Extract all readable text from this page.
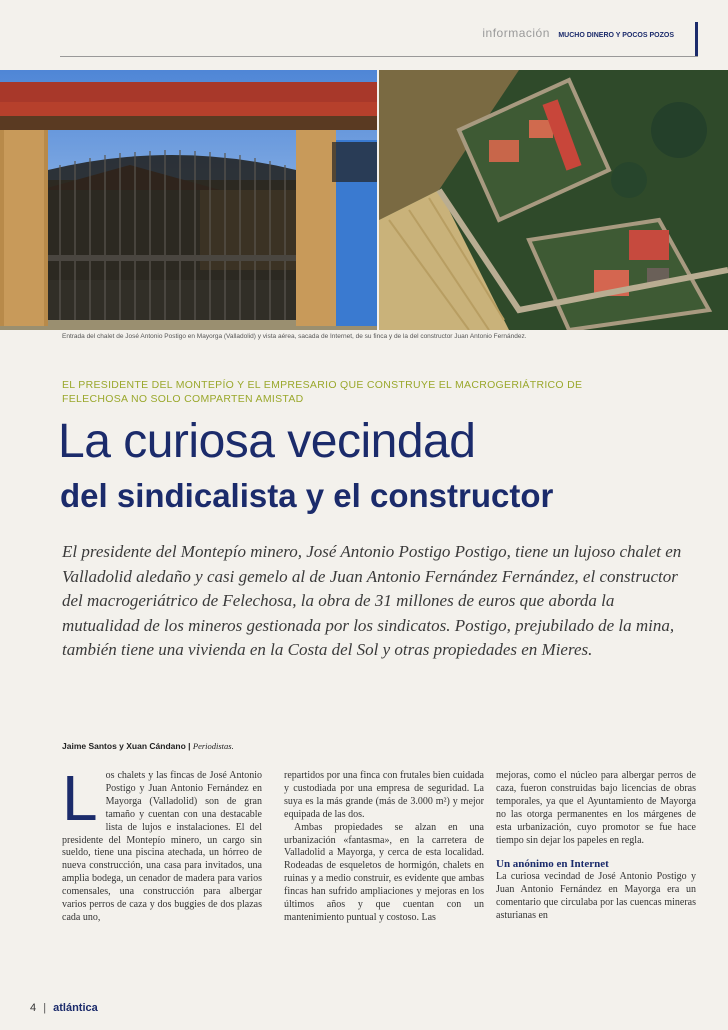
información MUCHO DINERO Y POCOS POZOS
Entrada del chalet de José Antonio Postigo en Mayorga (Valladolid) y vista aérea, sacada de Internet, de su finca y de la del constructor Juan Antonio Fernández.
EL PRESIDENTE DEL MONTEPÍO Y EL EMPRESARIO QUE CONSTRUYE EL MACROGERIÁTRICO DE FELECHOSA NO SOLO COMPARTEN AMISTAD
La curiosa vecindad
del sindicalista y el constructor
El presidente del Montepío minero, José Antonio Postigo Postigo, tiene un lujoso chalet en Valladolid aledaño y casi gemelo al de Juan Antonio Fernández Fernández, el constructor del macrogeriátrico de Felechosa, la obra de 31 millones de euros que aborda la mutualidad de los mineros gestionada por los sindicatos. Postigo, prejubilado de la mina, también tiene una vivienda en la Costa del Sol y otras propiedades en Mieres.
Jaime Santos y Xuan Cándano | Periodistas.
L os chalets y las fincas de José Antonio Postigo y Juan Antonio Fernández en Mayorga (Valladolid) son de gran tamaño y cuentan con una destacable lista de lujos e instalaciones. El del presidente del Montepío minero, un cargo sin sueldo, tiene una piscina atechada, un hórreo de nueva construcción, una casa para invitados, una amplia bodega, un cenador de madera para varios comensales, una construcción para albergar varios perros de caza y dos buggies de dos plazas cada uno,

repartidos por una finca con frutales bien cuidada y custodiada por una empresa de seguridad. La suya es la más grande (más de 3.000 m²) y mejor equipada de las dos.

Ambas propiedades se alzan en una urbanización «fantasma», en la carretera de Valladolid a Mayorga, y cerca de esta localidad. Rodeadas de esqueletos de hormigón, chalets en ruinas y a medio construir, es evidente que ambas fincas han sufrido ampliaciones y mejoras en los últimos años y que cuentan con un mantenimiento puntual y costoso. Las

mejoras, como el núcleo para albergar perros de caza, fueron construidas bajo licencias de obras temporales, ya que el Ayuntamiento de Mayorga no las otorga permanentes en los márgenes de esta urbanización, cuyo promotor se fue hace tiempo sin dejar los papeles en regla.

Un anónimo en Internet

La curiosa vecindad de José Antonio Postigo y Juan Antonio Fernández en Mayorga era un comentario que circulaba por las cuencas mineras asturianas en

4 | atlántica
